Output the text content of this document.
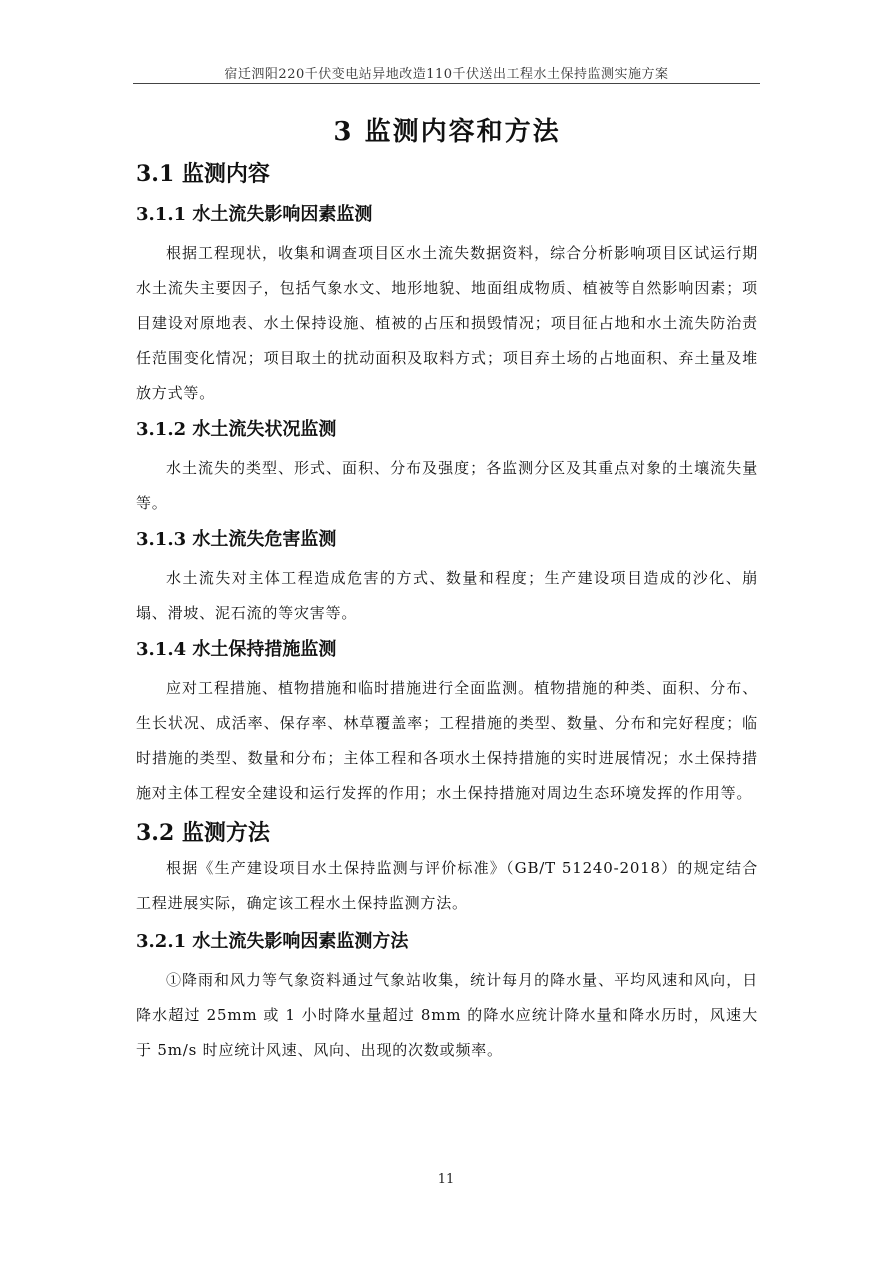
宿迁泗阳220千伏变电站异地改造110千伏送出工程水土保持监测实施方案
3 监测内容和方法
3.1 监测内容
3.1.1 水土流失影响因素监测

根据工程现状，收集和调查项目区水土流失数据资料，综合分析影响项目区试运行期水土流失主要因子，包括气象水文、地形地貌、地面组成物质、植被等自然影响因素；项目建设对原地表、水土保持设施、植被的占压和损毁情况；项目征占地和水土流失防治责任范围变化情况；项目取土的扰动面积及取料方式；项目弃土场的占地面积、弃土量及堆放方式等。

3.1.2 水土流失状况监测

水土流失的类型、形式、面积、分布及强度；各监测分区及其重点对象的土壤流失量等。

3.1.3 水土流失危害监测

水土流失对主体工程造成危害的方式、数量和程度；生产建设项目造成的沙化、崩塌、滑坡、泥石流的等灾害等。

3.1.4 水土保持措施监测

应对工程措施、植物措施和临时措施进行全面监测。植物措施的种类、面积、分布、生长状况、成活率、保存率、林草覆盖率；工程措施的类型、数量、分布和完好程度；临时措施的类型、数量和分布；主体工程和各项水土保持措施的实时进展情况；水土保持措施对主体工程安全建设和运行发挥的作用；水土保持措施对周边生态环境发挥的作用等。

3.2 监测方法

根据《生产建设项目水土保持监测与评价标准》（GB/T 51240-2018）的规定结合工程进展实际，确定该工程水土保持监测方法。

3.2.1 水土流失影响因素监测方法

①降雨和风力等气象资料通过气象站收集，统计每月的降水量、平均风速和风向，日降水超过 25mm 或 1 小时降水量超过 8mm 的降水应统计降水量和降水历时，风速大于 5m/s 时应统计风速、风向、出现的次数或频率。

11
